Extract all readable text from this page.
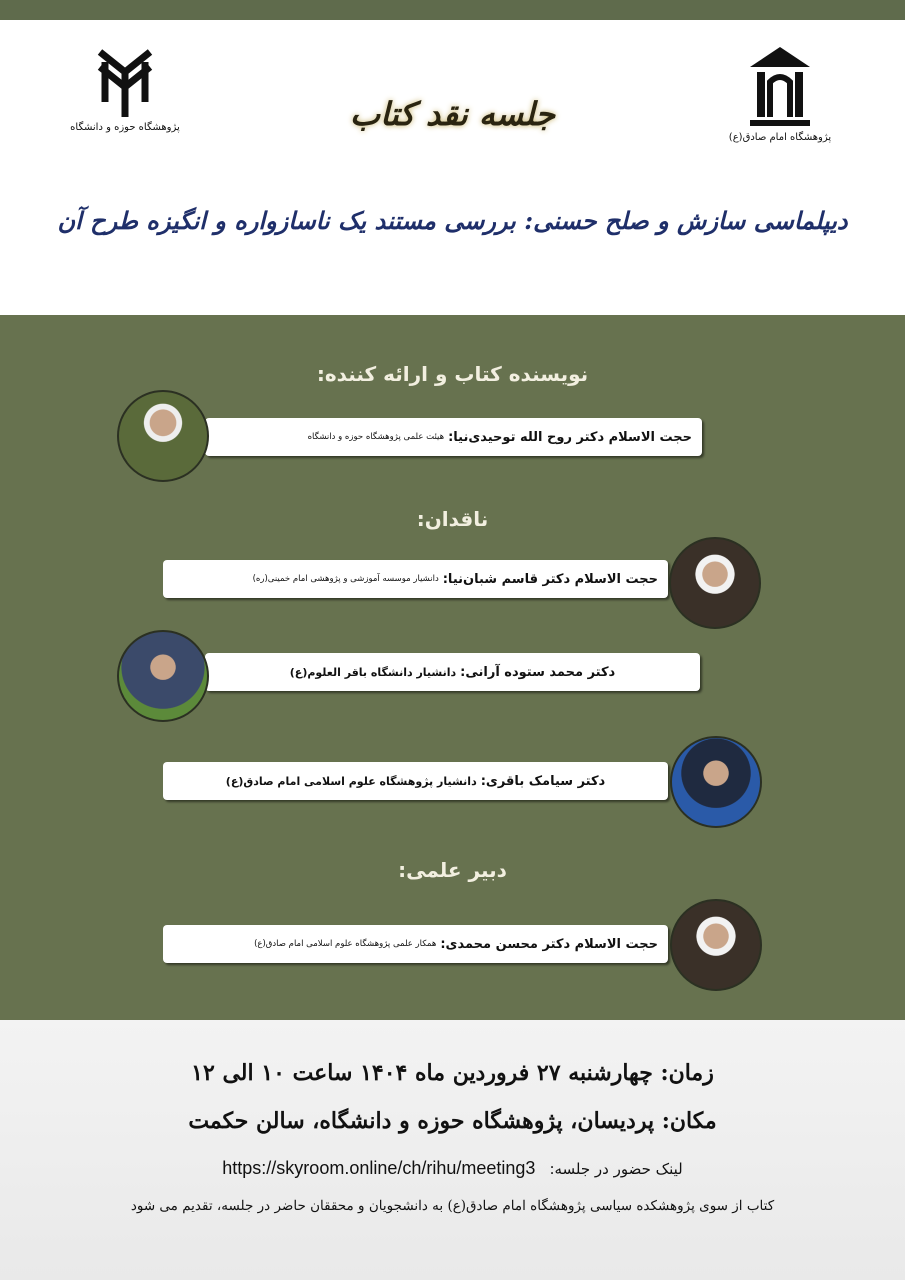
پژوهشگاه حوزه و دانشگاه
پژوهشگاه امام صادق(ع)
جلسه نقد کتاب
دیپلماسی سازش و صلح حسنی: بررسی مستند یک ناسازواره و انگیزه طرح آن
نویسنده کتاب و ارائه کننده:
حجت الاسلام دکتر روح الله توحیدی‌نیا:
هیئت علمی پژوهشگاه حوزه و دانشگاه
ناقدان:
حجت الاسلام دکتر قاسم شبان‌نیا:
دانشیار موسسه آموزشی و پژوهشی امام خمینی(ره)
دکتر محمد ستوده آرانی:
دانشیار دانشگاه باقر العلوم(ع)
دکتر سیامک باقری:
دانشیار پژوهشگاه علوم اسلامی امام صادق(ع)
دبیر علمی:
حجت الاسلام دکتر محسن محمدی:
همکار علمی پژوهشگاه علوم اسلامی امام صادق(ع)
زمان: چهارشنبه ۲۷ فروردین ماه ۱۴۰۴ ساعت ۱۰ الی ۱۲
مکان: پردیسان، پژوهشگاه حوزه و دانشگاه، سالن حکمت
لینک حضور در جلسه:https://skyroom.online/ch/rihu/meeting3
کتاب از سوی پژوهشکده سیاسی پژوهشگاه امام صادق(ع) به دانشجویان و محققان حاضر در جلسه، تقدیم می شود
